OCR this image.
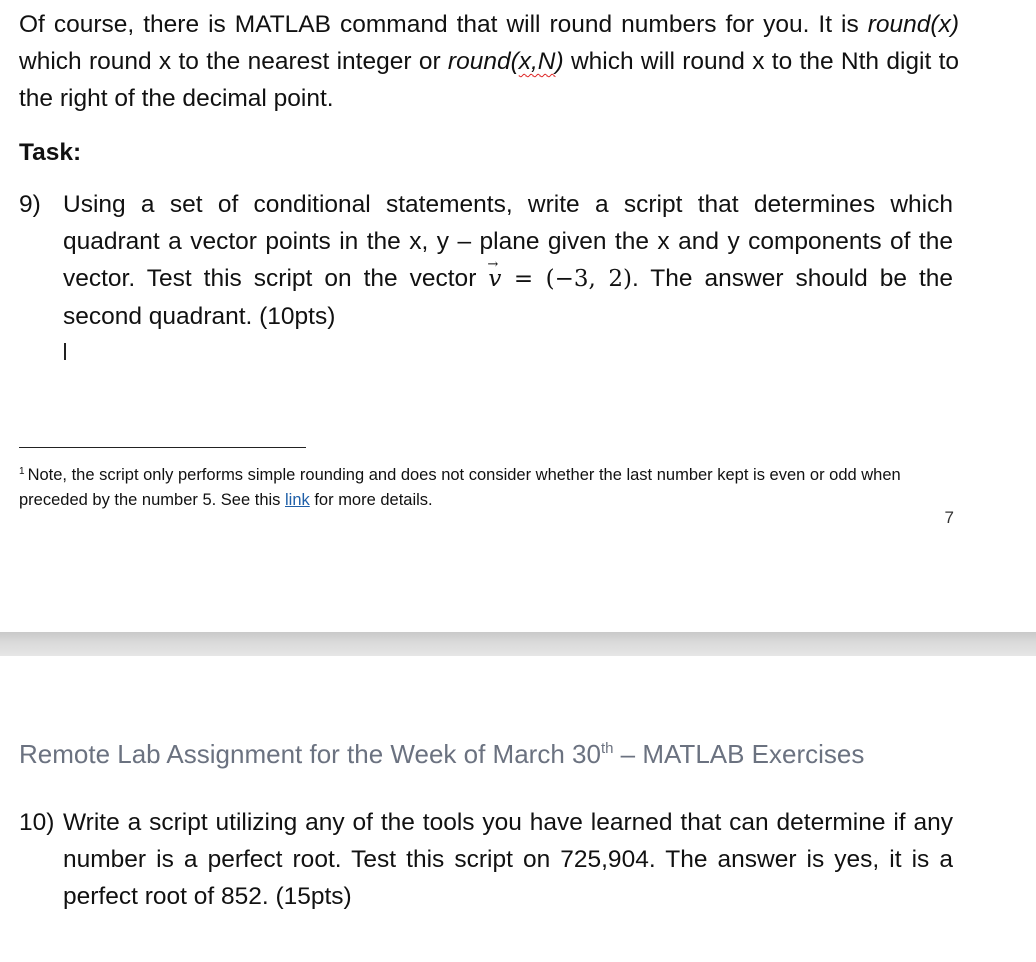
Of course, there is MATLAB command that will round numbers for you. It is round(x) which round x to the nearest integer or round(x,N) which will round x to the Nth digit to the right of the decimal point.

Task:

9) Using a set of conditional statements, write a script that determines which quadrant a vector points in the x, y – plane given the x and y components of the vector. Test this script on the vector v → = (−3, 2). The answer should be the second quadrant. (10pts)
$^1$ Note, the script only performs simple rounding and does not consider whether the last number kept is even or odd when preceded by the number 5. See this link for more details.
7
Remote Lab Assignment for the Week of March 30th – MATLAB Exercises
10) Write a script utilizing any of the tools you have learned that can determine if any number is a perfect root. Test this script on 725,904. The answer is yes, it is a perfect root of 852. (15pts)
